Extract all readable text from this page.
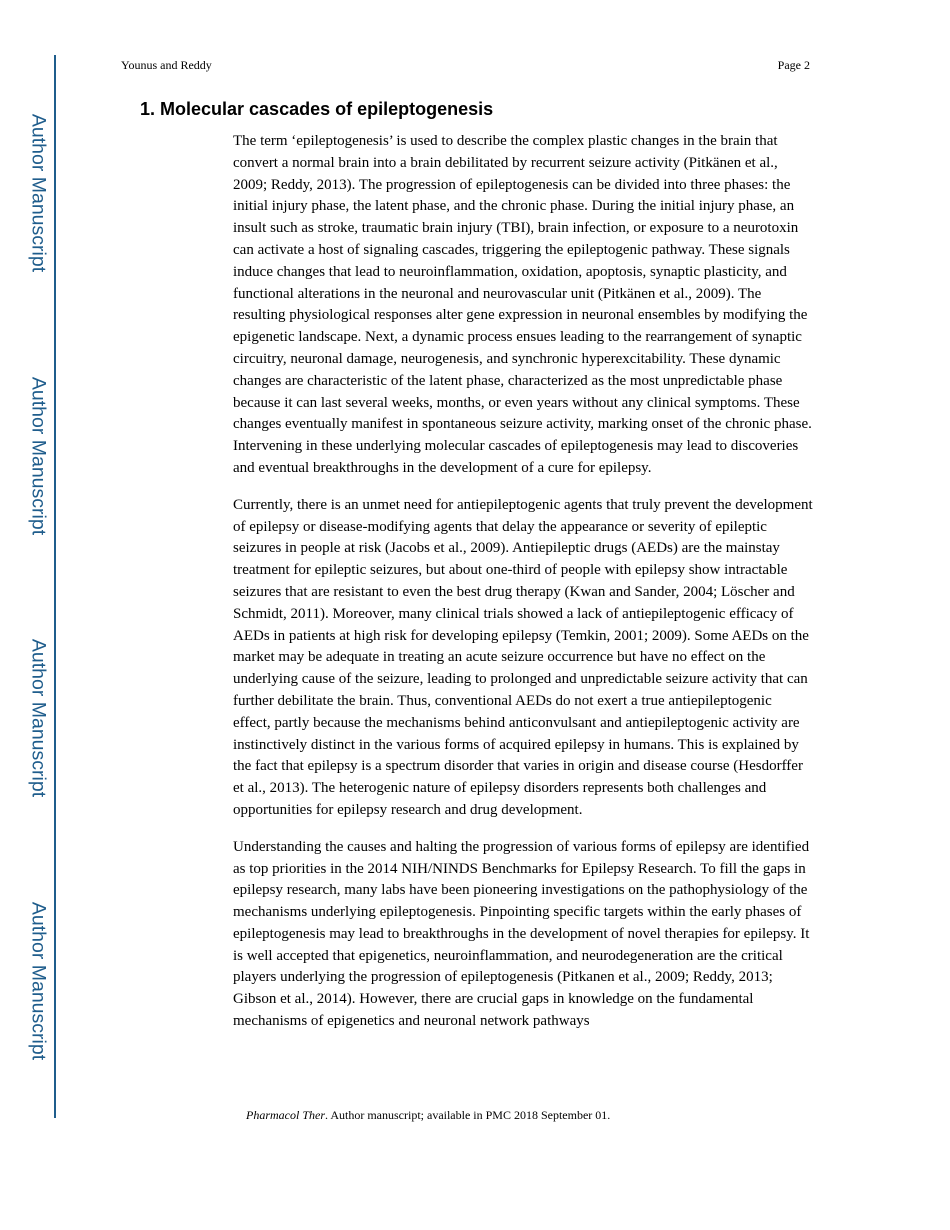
Author Manuscript
Author Manuscript
Author Manuscript
Author Manuscript
Younus and Reddy	Page 2
1. Molecular cascades of epileptogenesis

The term ‘epileptogenesis’ is used to describe the complex plastic changes in the brain that convert a normal brain into a brain debilitated by recurrent seizure activity (Pitkänen et al., 2009; Reddy, 2013). The progression of epileptogenesis can be divided into three phases: the initial injury phase, the latent phase, and the chronic phase. During the initial injury phase, an insult such as stroke, traumatic brain injury (TBI), brain infection, or exposure to a neurotoxin can activate a host of signaling cascades, triggering the epileptogenic pathway. These signals induce changes that lead to neuroinflammation, oxidation, apoptosis, synaptic plasticity, and functional alterations in the neuronal and neurovascular unit (Pitkänen et al., 2009). The resulting physiological responses alter gene expression in neuronal ensembles by modifying the epigenetic landscape. Next, a dynamic process ensues leading to the rearrangement of synaptic circuitry, neuronal damage, neurogenesis, and synchronic hyperexcitability. These dynamic changes are characteristic of the latent phase, characterized as the most unpredictable phase because it can last several weeks, months, or even years without any clinical symptoms. These changes eventually manifest in spontaneous seizure activity, marking onset of the chronic phase. Intervening in these underlying molecular cascades of epileptogenesis may lead to discoveries and eventual breakthroughs in the development of a cure for epilepsy.

Currently, there is an unmet need for antiepileptogenic agents that truly prevent the development of epilepsy or disease-modifying agents that delay the appearance or severity of epileptic seizures in people at risk (Jacobs et al., 2009). Antiepileptic drugs (AEDs) are the mainstay treatment for epileptic seizures, but about one-third of people with epilepsy show intractable seizures that are resistant to even the best drug therapy (Kwan and Sander, 2004; Löscher and Schmidt, 2011). Moreover, many clinical trials showed a lack of antiepileptogenic efficacy of AEDs in patients at high risk for developing epilepsy (Temkin, 2001; 2009). Some AEDs on the market may be adequate in treating an acute seizure occurrence but have no effect on the underlying cause of the seizure, leading to prolonged and unpredictable seizure activity that can further debilitate the brain. Thus, conventional AEDs do not exert a true antiepileptogenic effect, partly because the mechanisms behind anticonvulsant and antiepileptogenic activity are instinctively distinct in the various forms of acquired epilepsy in humans. This is explained by the fact that epilepsy is a spectrum disorder that varies in origin and disease course (Hesdorffer et al., 2013). The heterogenic nature of epilepsy disorders represents both challenges and opportunities for epilepsy research and drug development.

Understanding the causes and halting the progression of various forms of epilepsy are identified as top priorities in the 2014 NIH/NINDS Benchmarks for Epilepsy Research. To fill the gaps in epilepsy research, many labs have been pioneering investigations on the pathophysiology of the mechanisms underlying epileptogenesis. Pinpointing specific targets within the early phases of epileptogenesis may lead to breakthroughs in the development of novel therapies for epilepsy. It is well accepted that epigenetics, neuroinflammation, and neurodegeneration are the critical players underlying the progression of epileptogenesis (Pitkanen et al., 2009; Reddy, 2013; Gibson et al., 2014). However, there are crucial gaps in knowledge on the fundamental mechanisms of epigenetics and neuronal network pathways

Pharmacol Ther. Author manuscript; available in PMC 2018 September 01.
